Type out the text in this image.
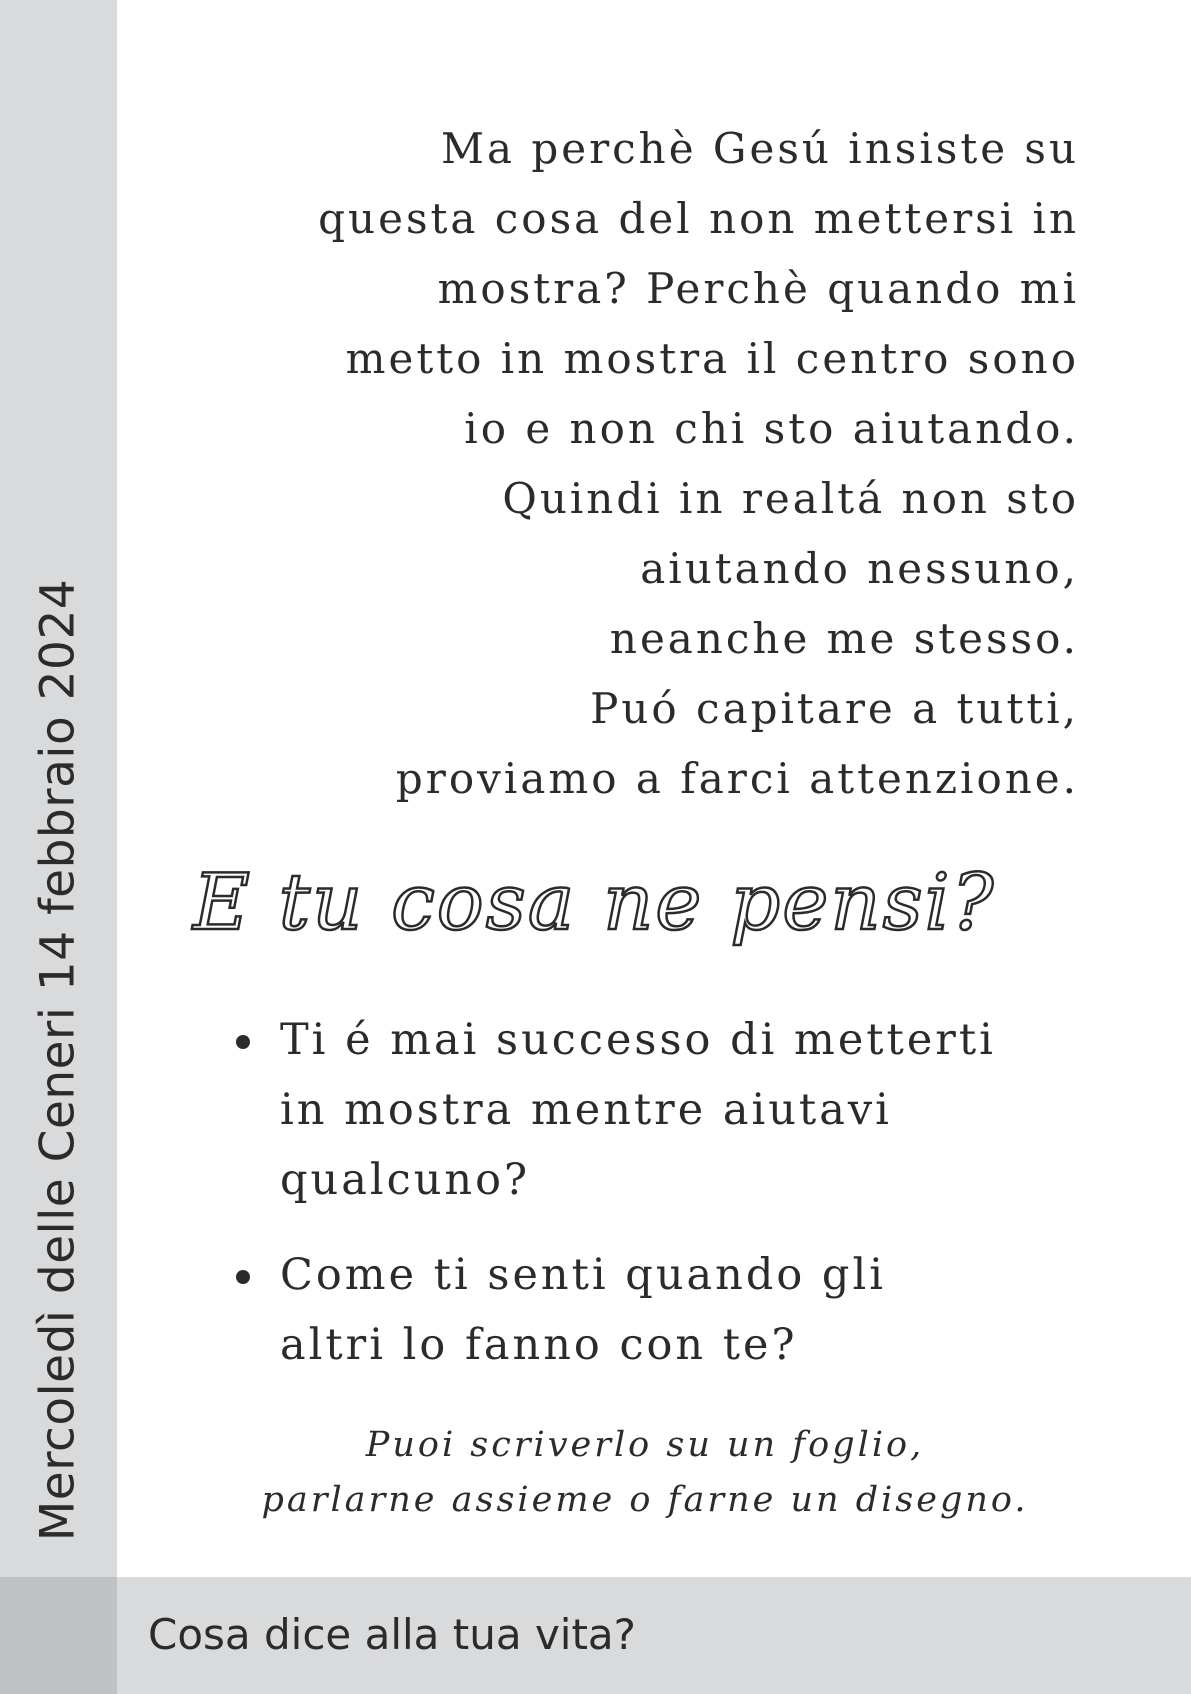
Mercoledì delle Ceneri 14 febbraio 2024
Ma perchè Gesú insiste su
questa cosa del non mettersi in
mostra? Perchè quando mi
metto in mostra il centro sono
io e non chi sto aiutando.
Quindi in realtá non sto
aiutando nessuno,
neanche me stesso.
Puó capitare a tutti,
proviamo a farci attenzione.
E tu cosa ne pensi?
Ti é mai successo di metterti
in mostra mentre aiutavi
qualcuno?
Come ti senti quando gli
altri lo fanno con te?
Puoi scriverlo su un foglio,
parlarne assieme o farne un disegno.
Cosa dice alla tua vita?
